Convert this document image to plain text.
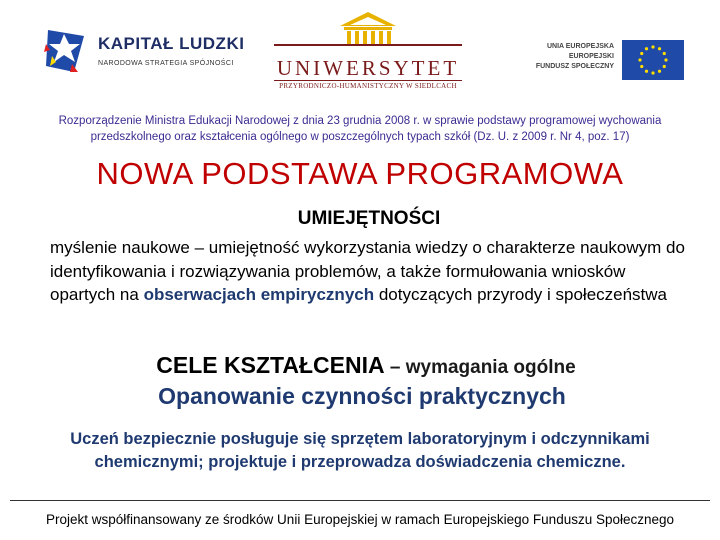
KAPITAŁ LUDZKI
NARODOWA STRATEGIA SPÓJNOŚCI	UNIWERSYTET
PRZYRODNICZO-HUMANISTYCZNY W SIEDLCACH
UNIA EUROPEJSKA
EUROPEJSKI
FUNDUSZ SPOŁECZNY
Rozporządzenie Ministra Edukacji Narodowej z dnia 23 grudnia 2008 r. w sprawie podstawy programowej wychowania przedszkolnego oraz kształcenia ogólnego w poszczególnych typach szkół (Dz. U. z 2009 r. Nr 4, poz. 17)
NOWA PODSTAWA PROGRAMOWA
UMIEJĘTNOŚCI
myślenie naukowe – umiejętność wykorzystania wiedzy o charakterze naukowym do identyfikowania i rozwiązywania problemów, a także formułowania wniosków opartych na obserwacjach empirycznych dotyczących przyrody i społeczeństwa
CELE KSZTAŁCENIA – wymagania ogólne
Opanowanie czynności praktycznych
Uczeń bezpiecznie posługuje się sprzętem laboratoryjnym i odczynnikami chemicznymi; projektuje i przeprowadza doświadczenia chemiczne.
Projekt współfinansowany ze środków Unii Europejskiej w ramach Europejskiego Funduszu Społecznego
